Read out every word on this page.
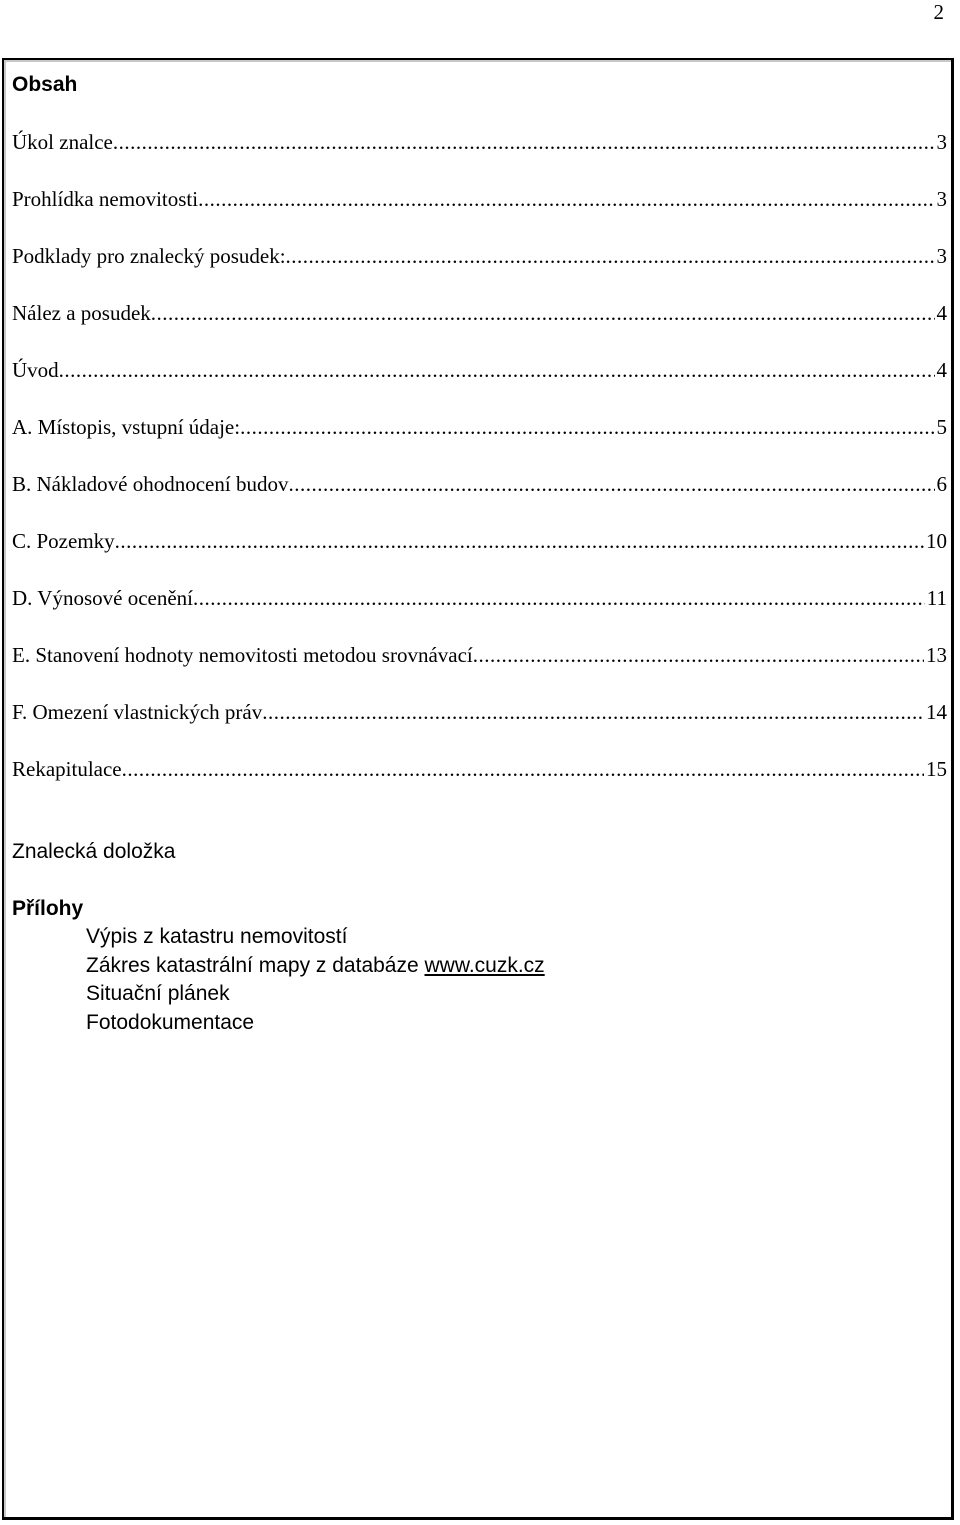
2
Obsah
Úkol znalce .....	3
Prohlídka nemovitosti .....	3
Podklady pro znalecký posudek: .....	3
Nález a posudek .....	4
Úvod .....	4
A. Místopis, vstupní údaje: .....	5
B. Nákladové ohodnocení budov .....	6
C. Pozemky .....	10
D. Výnosové ocenění .....	11
E. Stanovení hodnoty nemovitosti metodou srovnávací .....	13
F. Omezení vlastnických práv .....	14
Rekapitulace .....	15
Znalecká doložka
Přílohy
Výpis z katastru nemovitostí
Zákres katastrální mapy z databáze www.cuzk.cz
Situační plánek
Fotodokumentace
